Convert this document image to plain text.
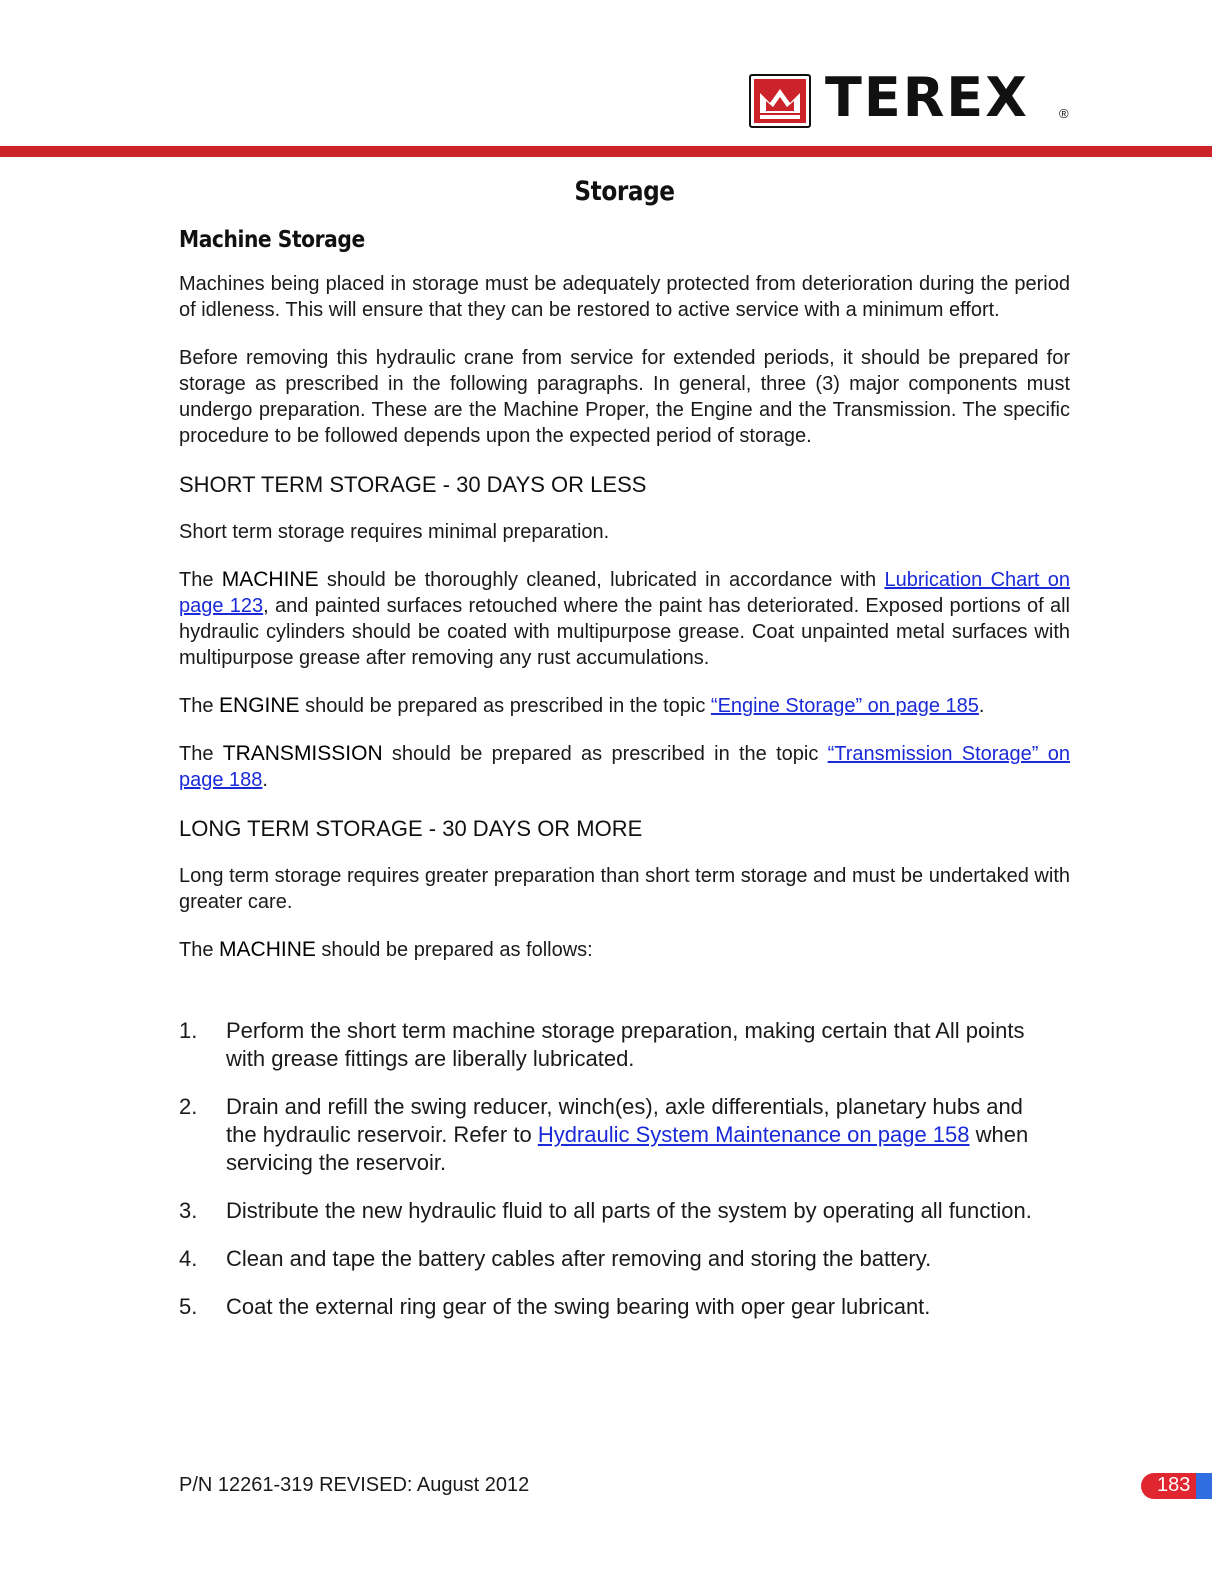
TEREX ®
Storage
Machine Storage

Machines being placed in storage must be adequately protected from deterioration during the period of idleness. This will ensure that they can be restored to active service with a minimum effort.

Before removing this hydraulic crane from service for extended periods, it should be prepared for storage as prescribed in the following paragraphs. In general, three (3) major components must undergo preparation. These are the Machine Proper, the Engine and the Transmission. The specific procedure to be followed depends upon the expected period of storage.

SHORT TERM STORAGE - 30 DAYS OR LESS

Short term storage requires minimal preparation.

The MACHINE should be thoroughly cleaned, lubricated in accordance with Lubrication Chart on page 123, and painted surfaces retouched where the paint has deteriorated. Exposed portions of all hydraulic cylinders should be coated with multipurpose grease. Coat unpainted metal surfaces with multipurpose grease after removing any rust accumulations.

The ENGINE should be prepared as prescribed in the topic “Engine Storage” on page 185.

The TRANSMISSION should be prepared as prescribed in the topic “Transmission Storage” on page 188.

LONG TERM STORAGE - 30 DAYS OR MORE

Long term storage requires greater preparation than short term storage and must be undertaked with greater care.

The MACHINE should be prepared as follows:

1.	Perform the short term machine storage preparation, making certain that All points with grease fittings are liberally lubricated.
2.	Drain and refill the swing reducer, winch(es), axle differentials, planetary hubs and the hydraulic reservoir. Refer to Hydraulic System Maintenance on page 158 when servicing the reservoir.
3.	Distribute the new hydraulic fluid to all parts of the system by operating all function.
4.	Clean and tape the battery cables after removing and storing the battery.
5.	Coat the external ring gear of the swing bearing with oper gear lubricant.
P/N 12261-319 REVISED: August 2012	183
